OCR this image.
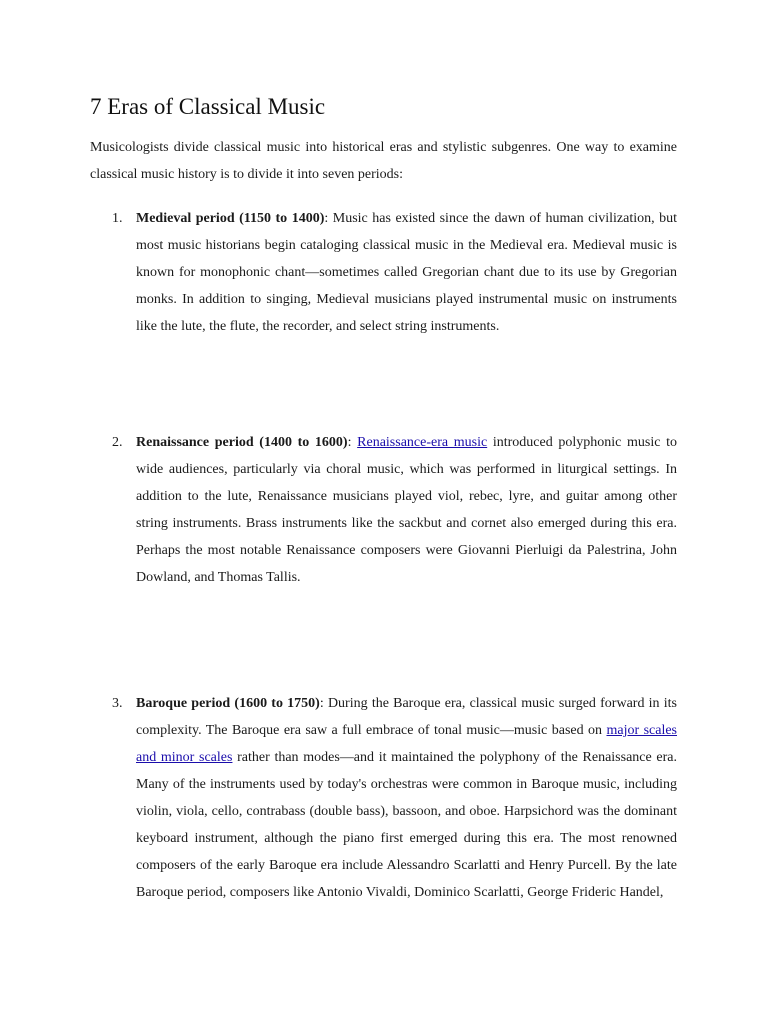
7 Eras of Classical Music

Musicologists divide classical music into historical eras and stylistic subgenres. One way to examine classical music history is to divide it into seven periods:

1. Medieval period (1150 to 1400): Music has existed since the dawn of human civilization, but most music historians begin cataloging classical music in the Medieval era. Medieval music is known for monophonic chant—sometimes called Gregorian chant due to its use by Gregorian monks. In addition to singing, Medieval musicians played instrumental music on instruments like the lute, the flute, the recorder, and select string instruments.

2. Renaissance period (1400 to 1600): Renaissance-era music introduced polyphonic music to wide audiences, particularly via choral music, which was performed in liturgical settings. In addition to the lute, Renaissance musicians played viol, rebec, lyre, and guitar among other string instruments. Brass instruments like the sackbut and cornet also emerged during this era. Perhaps the most notable Renaissance composers were Giovanni Pierluigi da Palestrina, John Dowland, and Thomas Tallis.

3. Baroque period (1600 to 1750): During the Baroque era, classical music surged forward in its complexity. The Baroque era saw a full embrace of tonal music—music based on major scales and minor scales rather than modes—and it maintained the polyphony of the Renaissance era. Many of the instruments used by today's orchestras were common in Baroque music, including violin, viola, cello, contrabass (double bass), bassoon, and oboe. Harpsichord was the dominant keyboard instrument, although the piano first emerged during this era. The most renowned composers of the early Baroque era include Alessandro Scarlatti and Henry Purcell. By the late Baroque period, composers like Antonio Vivaldi, Dominico Scarlatti, George Frideric Handel,
